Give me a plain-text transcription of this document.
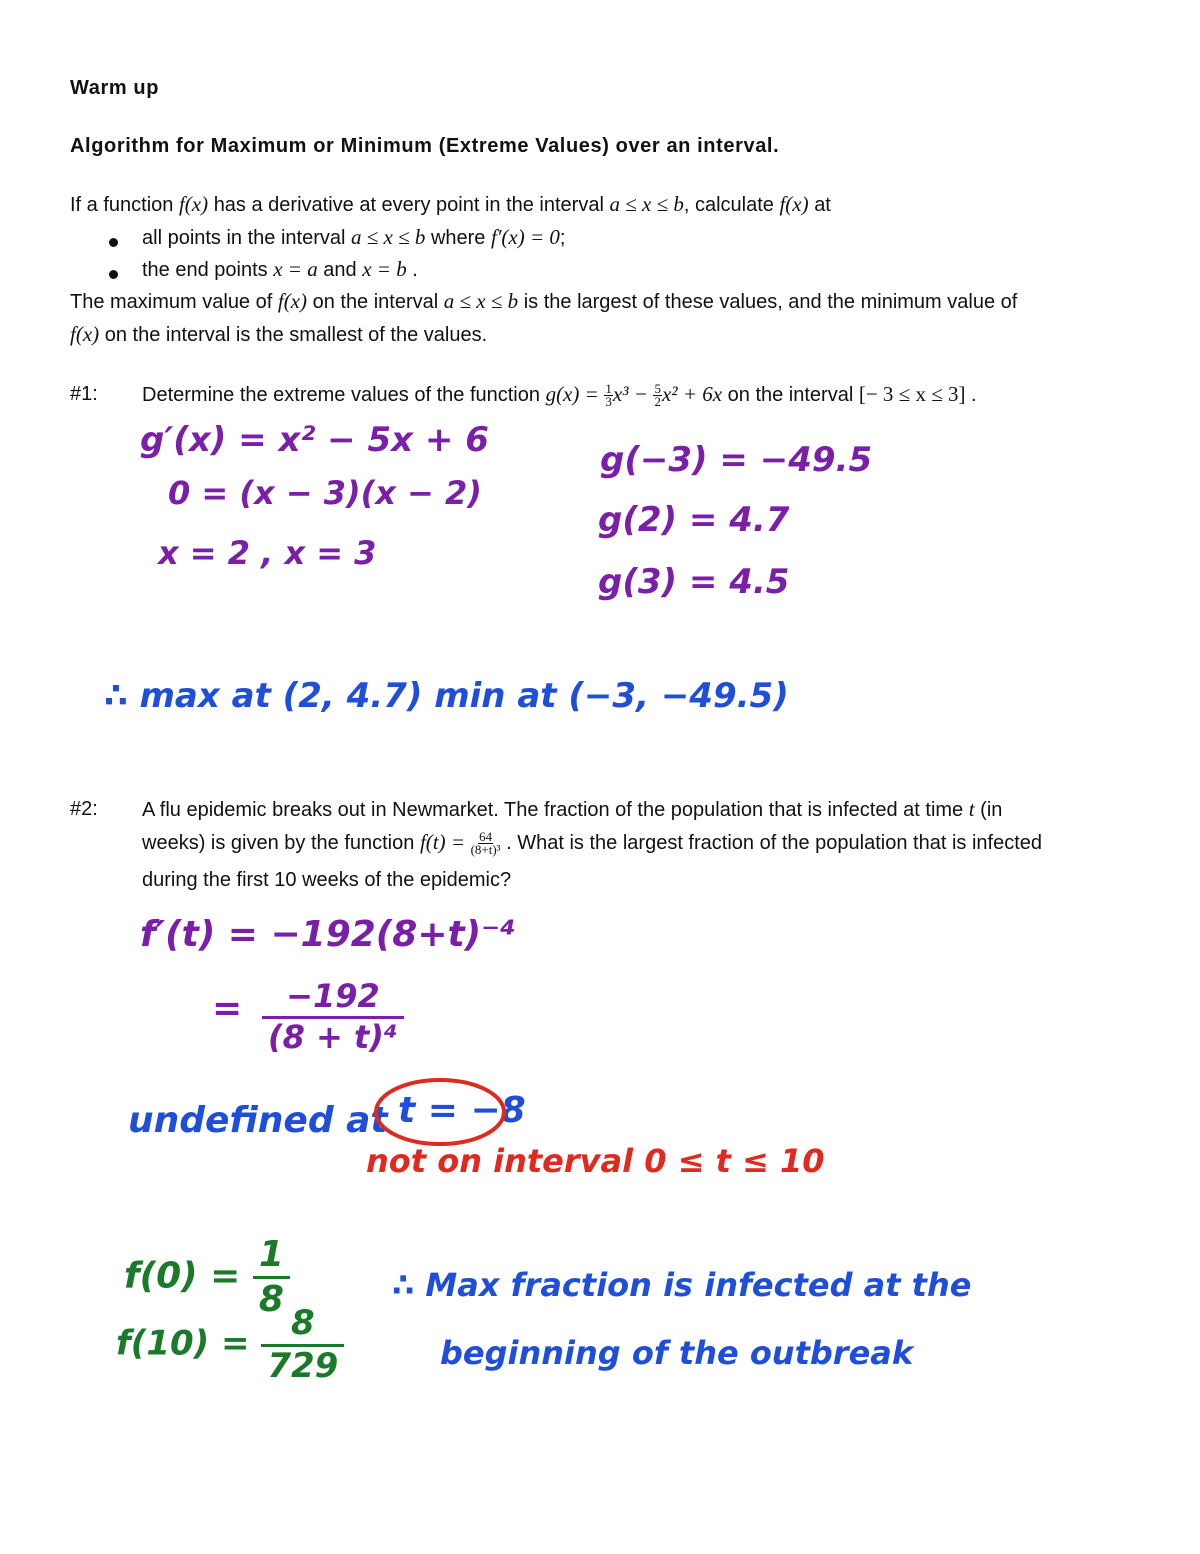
Warm up
Algorithm for Maximum or Minimum (Extreme Values) over an interval.
If a function f(x) has a derivative at every point in the interval a ≤ x ≤ b, calculate f(x) at
all points in the interval a ≤ x ≤ b where f′(x) = 0;
the end points x = a and x = b .
The maximum value of f(x) on the interval a ≤ x ≤ b is the largest of these values, and the minimum value of
f(x) on the interval is the smallest of the values.
#1: Determine the extreme values of the function $g(x) = \frac{1}{3} x^3 - \frac{5}{2} x^2 + 6x$ on the interval [− 3 ≤ x ≤ 3] .
g′(x) = x² − 5x + 6
0 = (x − 3)(x − 2)
x = 2 , x = 3
g(−3) = −49.5
g(2) = 4.7
g(3) = 4.5
∴ max at (2, 4.7) min at (−3, −49.5)
#2: A flu epidemic breaks out in Newmarket. The fraction of the population that is infected at time t (in
weeks) is given by the function $f(t) = \frac{64}{\text{(8+t)³}}$ . What is the largest fraction of the population that is infected
during the first 10 weeks of the epidemic?
f′(t) = −192(8+t)⁻⁴
= $\frac{-192}{\text{(8 + t)⁴}}$
undefined at t = −8
not on interval 0 ≤ t ≤ 10
$f(0) = \frac{1}{8}$
$f(10) = \frac{8}{729}$
∴ Max fraction is infected at the
beginning of the outbreak
